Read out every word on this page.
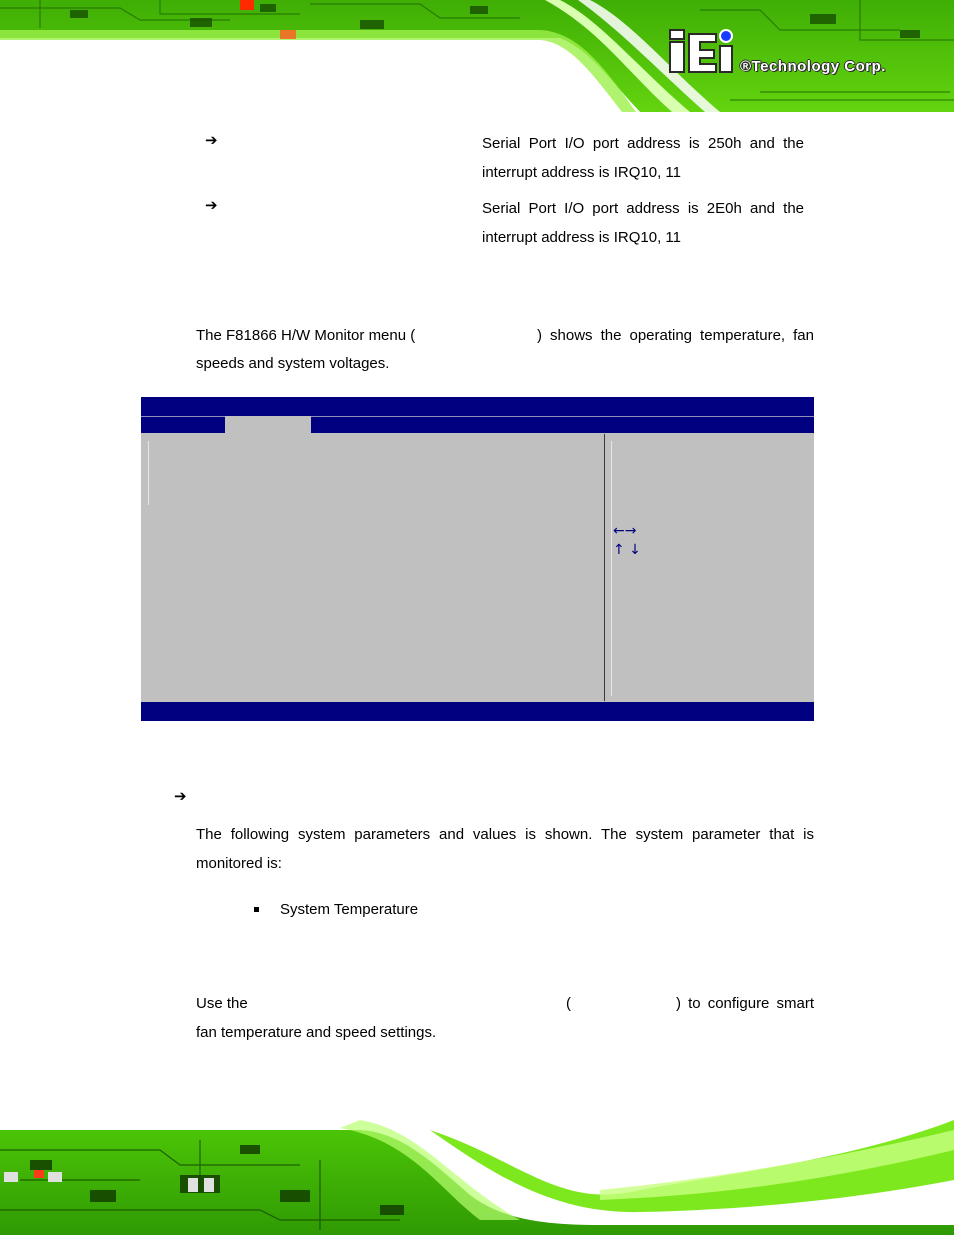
®Technology Corp.
➔	Serial Port I/O port address is 250h and the interrupt address is IRQ10, 11
➔	Serial Port I/O port address is 2E0h and the interrupt address is IRQ10, 11
The F81866 H/W Monitor menu (	) shows the operating temperature, fan
speeds and system voltages.
←→
↑ ↓
➔
The following system parameters and values is shown. The system parameter that is monitored is:
System Temperature
Use the	(	) to configure smart fan temperature and speed settings.
